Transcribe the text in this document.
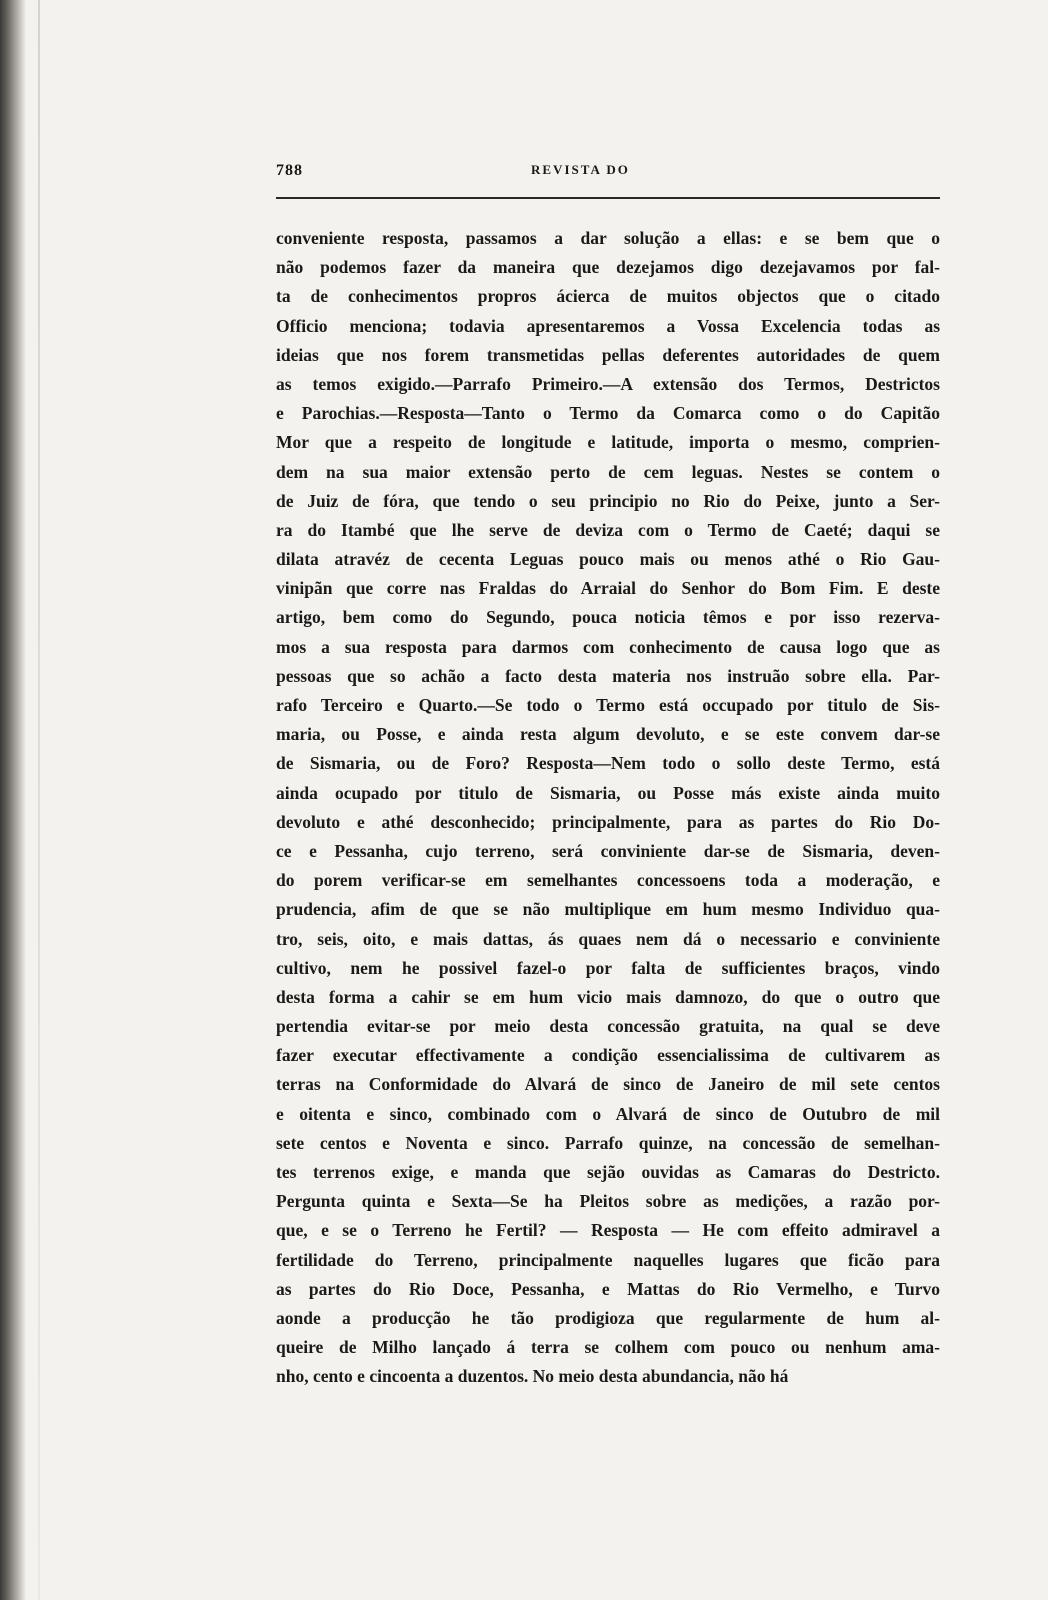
788	REVISTA DO
conveniente resposta, passamos a dar solução a ellas: e se bem que o
não podemos fazer da maneira que dezejamos digo dezejavamos por fal-
ta de conhecimentos propros ácierca de muitos objectos que o citado
Officio menciona; todavia apresentaremos a Vossa Excelencia todas as
ideias que nos forem transmetidas pellas deferentes autoridades de quem
as temos exigido.—Parrafo Primeiro.—A extensão dos Termos, Destrictos
e Parochias.—Resposta—Tanto o Termo da Comarca como o do Capitão
Mor que a respeito de longitude e latitude, importa o mesmo, comprien-
dem na sua maior extensão perto de cem leguas. Nestes se contem o
de Juiz de fóra, que tendo o seu principio no Rio do Peixe, junto a Ser-
ra do Itambé que lhe serve de deviza com o Termo de Caeté; daqui se
dilata atravéz de cecenta Leguas pouco mais ou menos athé o Rio Gau-
vinipãn que corre nas Fraldas do Arraial do Senhor do Bom Fim. E deste
artigo, bem como do Segundo, pouca noticia têmos e por isso rezerva-
mos a sua resposta para darmos com conhecimento de causa logo que as
pessoas que so achão a facto desta materia nos instruão sobre ella. Par-
rafo Terceiro e Quarto.—Se todo o Termo está occupado por titulo de Sis-
maria, ou Posse, e ainda resta algum devoluto, e se este convem dar-se
de Sismaria, ou de Foro? Resposta—Nem todo o sollo deste Termo, está
ainda ocupado por titulo de Sismaria, ou Posse más existe ainda muito
devoluto e athé desconhecido; principalmente, para as partes do Rio Do-
ce e Pessanha, cujo terreno, será conviniente dar-se de Sismaria, deven-
do porem verificar-se em semelhantes concessoens toda a moderação, e
prudencia, afim de que se não multiplique em hum mesmo Individuo qua-
tro, seis, oito, e mais dattas, ás quaes nem dá o necessario e conviniente
cultivo, nem he possivel fazel-o por falta de sufficientes braços, vindo
desta forma a cahir se em hum vicio mais damnozo, do que o outro que
pertendia evitar-se por meio desta concessão gratuita, na qual se deve
fazer executar effectivamente a condição essencialissima de cultivarem as
terras na Conformidade do Alvará de sinco de Janeiro de mil sete centos
e oitenta e sinco, combinado com o Alvará de sinco de Outubro de mil
sete centos e Noventa e sinco. Parrafo quinze, na concessão de semelhan-
tes terrenos exige, e manda que sejão ouvidas as Camaras do Destricto.
Pergunta quinta e Sexta—Se ha Pleitos sobre as medições, a razão por-
que, e se o Terreno he Fertil? — Resposta — He com effeito admiravel a
fertilidade do Terreno, principalmente naquelles lugares que ficão para
as partes do Rio Doce, Pessanha, e Mattas do Rio Vermelho, e Turvo
aonde a producção he tão prodigioza que regularmente de hum al-
queire de Milho lançado á terra se colhem com pouco ou nenhum ama-
nho, cento e cincoenta a duzentos. No meio desta abundancia, não há
